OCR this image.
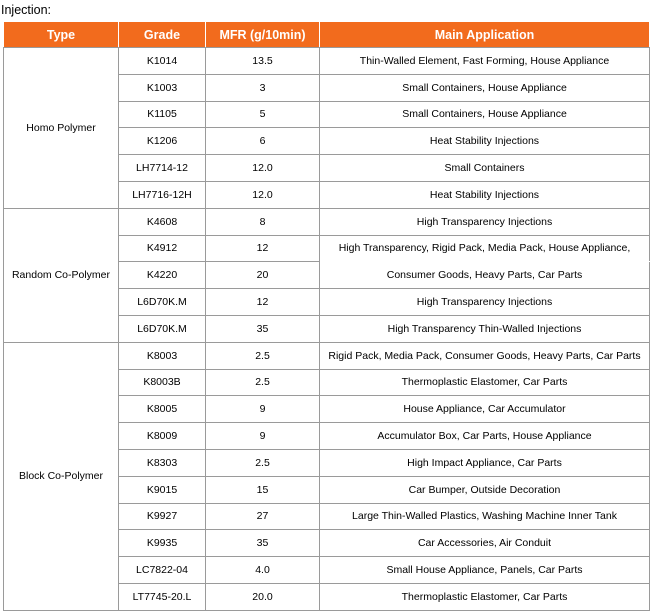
Injection:
Type	Grade	MFR (g/10min)	Main Application
Homo Polymer	K1014	13.5	Thin-Walled Element, Fast Forming, House Appliance
	K1003	3	Small Containers, House Appliance
	K1105	5	Small Containers, House Appliance
	K1206	6	Heat Stability Injections
	LH7714-12	12.0	Small Containers
	LH7716-12H	12.0	Heat Stability Injections
Random Co-Polymer	K4608	8	High Transparency Injections
	K4912	12	High Transparency, Rigid Pack, Media Pack, House Appliance,
	K4220	20	Consumer Goods, Heavy Parts, Car Parts
	L6D70K.M	12	High Transparency Injections
	L6D70K.M	35	High Transparency Thin-Walled Injections
Block Co-Polymer	K8003	2.5	Rigid Pack, Media Pack, Consumer Goods, Heavy Parts, Car Parts
	K8003B	2.5	Thermoplastic Elastomer, Car Parts
	K8005	9	House Appliance, Car Accumulator
	K8009	9	Accumulator Box, Car Parts, House Appliance
	K8303	2.5	High Impact Appliance, Car Parts
	K9015	15	Car Bumper, Outside Decoration
	K9927	27	Large Thin-Walled Plastics, Washing Machine Inner Tank
	K9935	35	Car Accessories, Air Conduit
	LC7822-04	4.0	Small House Appliance, Panels, Car Parts
	LT7745-20.L	20.0	Thermoplastic Elastomer, Car Parts
